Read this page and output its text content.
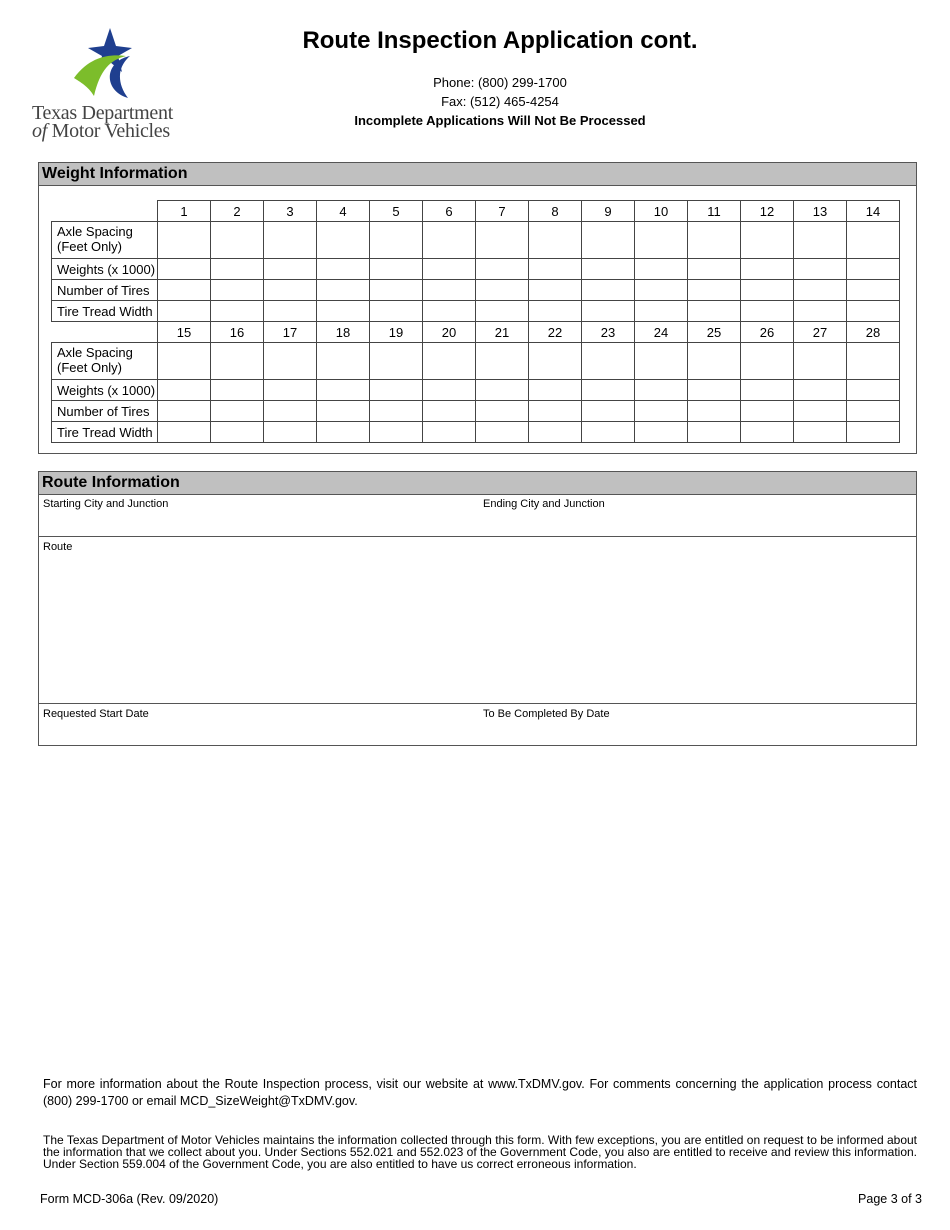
Texas Department
of Motor Vehicles
Route Inspection Application cont.
Phone: (800) 299-1700
Fax: (512) 465-4254
Incomplete Applications Will Not Be Processed
Weight Information
	1	2	3	4	5	6	7	8	9	10	11	12	13	14
Axle Spacing (Feet Only)														
Weights (x 1000)														
Number of Tires														
Tire Tread Width														
	15	16	17	18	19	20	21	22	23	24	25	26	27	28
Axle Spacing (Feet Only)														
Weights (x 1000)														
Number of Tires														
Tire Tread Width														
Route Information
Starting City and Junction	Ending City and Junction
Route
Requested Start Date	To Be Completed By Date
For more information about the Route Inspection process, visit our website at www.TxDMV.gov. For comments concerning the application process contact (800) 299-1700 or email MCD_SizeWeight@TxDMV.gov.
The Texas Department of Motor Vehicles maintains the information collected through this form. With few exceptions, you are entitled on request to be informed about the information that we collect about you. Under Sections 552.021 and 552.023 of the Government Code, you also are entitled to receive and review this information. Under Section 559.004 of the Government Code, you are also entitled to have us correct erroneous information.
Form MCD-306a (Rev. 09/2020)	Page 3 of 3
